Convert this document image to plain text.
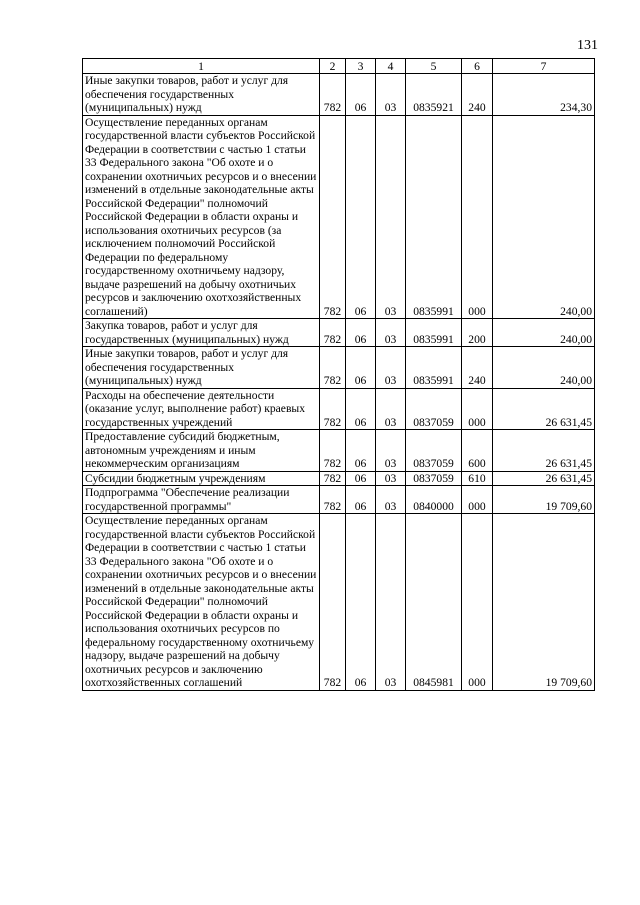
131
1	2	3	4	5	6	7
Иные закупки товаров, работ и услуг для обеспечения государственных (муниципальных) нужд	782	06	03	0835921	240	234,30
Осуществление переданных органам государственной власти субъектов Российской Федерации в соответствии с частью 1 статьи 33 Федерального закона "Об охоте и о сохранении охотничьих ресурсов и о внесении изменений в отдельные законодательные акты Российской Федерации" полномочий Российской Федерации в области охраны и использования охотничьих ресурсов (за исключением полномочий Российской Федерации по федеральному государственному охотничьему надзору, выдаче разрешений на добычу охотничьих ресурсов и заключению охотхозяйственных соглашений)	782	06	03	0835991	000	240,00
Закупка товаров, работ и услуг для государственных (муниципальных) нужд	782	06	03	0835991	200	240,00
Иные закупки товаров, работ и услуг для обеспечения государственных (муниципальных) нужд	782	06	03	0835991	240	240,00
Расходы на обеспечение деятельности (оказание услуг, выполнение работ) краевых государственных учреждений	782	06	03	0837059	000	26 631,45
Предоставление субсидий бюджетным, автономным учреждениям и иным некоммерческим организациям	782	06	03	0837059	600	26 631,45
Субсидии бюджетным учреждениям	782	06	03	0837059	610	26 631,45
Подпрограмма "Обеспечение реализации государственной программы"	782	06	03	0840000	000	19 709,60
Осуществление переданных органам государственной власти субъектов Российской Федерации в соответствии с частью 1 статьи 33 Федерального закона "Об охоте и о сохранении охотничьих ресурсов и о внесении изменений в отдельные законодательные акты Российской Федерации" полномочий Российской Федерации в области охраны и использования охотничьих ресурсов по федеральному государственному охотничьему надзору, выдаче разрешений на добычу охотничьих ресурсов и заключению охотхозяйственных соглашений	782	06	03	0845981	000	19 709,60
